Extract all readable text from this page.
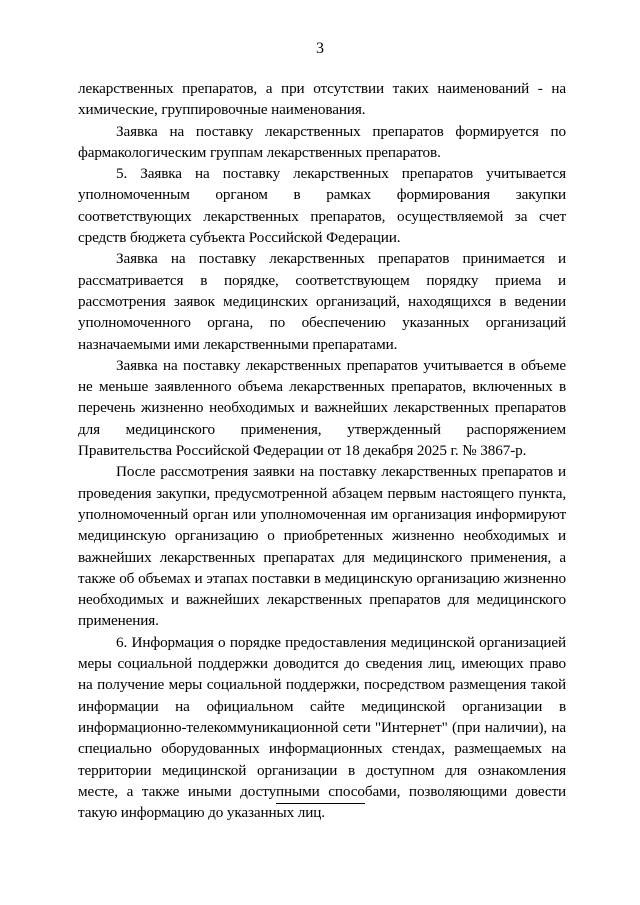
3

лекарственных препаратов, а при отсутствии таких наименований - на химические, группировочные наименования.

Заявка на поставку лекарственных препаратов формируется по фармакологическим группам лекарственных препаратов.

5. Заявка на поставку лекарственных препаратов учитывается уполномоченным органом в рамках формирования закупки соответствующих лекарственных препаратов, осуществляемой за счет средств бюджета субъекта Российской Федерации.

Заявка на поставку лекарственных препаратов принимается и рассматривается в порядке, соответствующем порядку приема и рассмотрения заявок медицинских организаций, находящихся в ведении уполномоченного органа, по обеспечению указанных организаций назначаемыми ими лекарственными препаратами.

Заявка на поставку лекарственных препаратов учитывается в объеме не меньше заявленного объема лекарственных препаратов, включенных в перечень жизненно необходимых и важнейших лекарственных препаратов для медицинского применения, утвержденный распоряжением Правительства Российской Федерации от 18 декабря 2025 г. № 3867-р.

После рассмотрения заявки на поставку лекарственных препаратов и проведения закупки, предусмотренной абзацем первым настоящего пункта, уполномоченный орган или уполномоченная им организация информируют медицинскую организацию о приобретенных жизненно необходимых и важнейших лекарственных препаратах для медицинского применения, а также об объемах и этапах поставки в медицинскую организацию жизненно необходимых и важнейших лекарственных препаратов для медицинского применения.

6. Информация о порядке предоставления медицинской организацией меры социальной поддержки доводится до сведения лиц, имеющих право на получение меры социальной поддержки, посредством размещения такой информации на официальном сайте медицинской организации в информационно-телекоммуникационной сети "Интернет" (при наличии), на специально оборудованных информационных стендах, размещаемых на территории медицинской организации в доступном для ознакомления месте, а также иными доступными способами, позволяющими довести такую информацию до указанных лиц.
